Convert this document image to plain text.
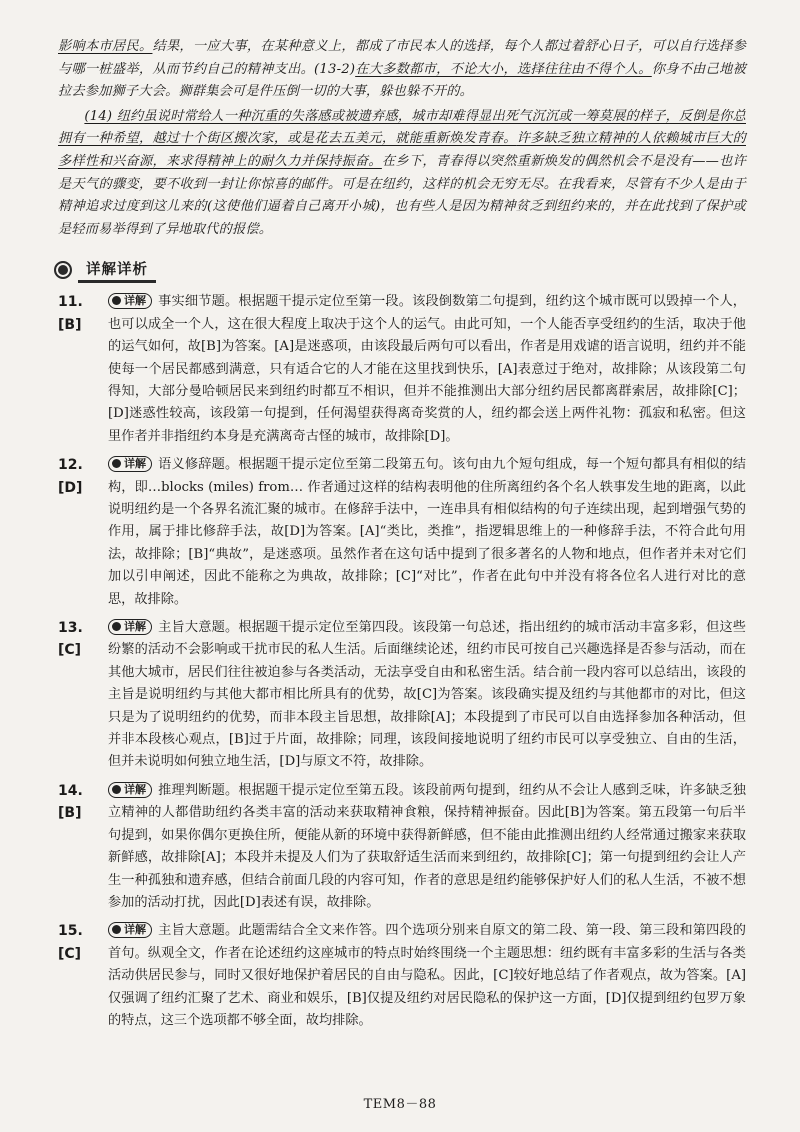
影响本市居民。结果，一应大事，在某种意义上，都成了市民本人的选择，每个人都过着舒心日子，可以自行选择参与哪一桩盛举，从而节约自己的精神支出。(13-2)在大多数都市，不论大小，选择往往由不得个人。你身不由己地被拉去参加狮子大会。狮群集会可是件压倒一切的大事，躲也躲不开的。

(14) 纽约虽说时常给人一种沉重的失落感或被遗弃感，城市却难得显出死气沉沉或一筹莫展的样子，反倒是你总拥有一种希望，越过十个街区搬次家，或是花去五美元，就能重新焕发青春。许多缺乏独立精神的人依赖城市巨大的多样性和兴奋源，来求得精神上的耐久力并保持振奋。在乡下，青春得以突然重新焕发的偶然机会不是没有——也许是天气的骤变，要不收到一封让你惊喜的邮件。可是在纽约，这样的机会无穷无尽。在我看来，尽管有不少人是由于精神追求过度到这儿来的(这使他们逼着自己离开小城)，也有些人是因为精神贫乏到纽约来的，并在此找到了保护或是轻而易举得到了异地取代的报偿。

详解详析
11. [B]
详解 事实细节题。根据题干提示定位至第一段。该段倒数第二句提到，纽约这个城市既可以毁掉一个人，也可以成全一个人，这在很大程度上取决于这个人的运气。由此可知，一个人能否享受纽约的生活，取决于他的运气如何，故[B]为答案。[A]是迷惑项，由该段最后两句可以看出，作者是用戏谑的语言说明，纽约并不能使每一个居民都感到满意，只有适合它的人才能在这里找到快乐，[A]表意过于绝对，故排除；从该段第二句得知，大部分曼哈顿居民来到纽约时都互不相识，但并不能推测出大部分纽约居民都离群索居，故排除[C]；[D]迷惑性较高，该段第一句提到，任何渴望获得离奇奖赏的人，纽约都会送上两件礼物：孤寂和私密。但这里作者并非指纽约本身是充满离奇古怪的城市，故排除[D]。
12. [D]
详解 语义修辞题。根据题干提示定位至第二段第五句。该句由九个短句组成，每一个短句都具有相似的结构，即…blocks (miles) from… 作者通过这样的结构表明他的住所离纽约各个名人轶事发生地的距离，以此说明纽约是一个各界名流汇聚的城市。在修辞手法中，一连串具有相似结构的句子连续出现，起到增强气势的作用，属于排比修辞手法，故[D]为答案。[A]“类比，类推”，指逻辑思维上的一种修辞手法，不符合此句用法，故排除；[B]“典故”，是迷惑项。虽然作者在这句话中提到了很多著名的人物和地点，但作者并未对它们加以引申阐述，因此不能称之为典故，故排除；[C]“对比”，作者在此句中并没有将各位名人进行对比的意思，故排除。
13. [C]
详解 主旨大意题。根据题干提示定位至第四段。该段第一句总述，指出纽约的城市活动丰富多彩，但这些纷繁的活动不会影响或干扰市民的私人生活。后面继续论述，纽约市民可按自己兴趣选择是否参与活动，而在其他大城市，居民们往往被迫参与各类活动，无法享受自由和私密生活。结合前一段内容可以总结出，该段的主旨是说明纽约与其他大都市相比所具有的优势，故[C]为答案。该段确实提及纽约与其他都市的对比，但这只是为了说明纽约的优势，而非本段主旨思想，故排除[A]；本段提到了市民可以自由选择参加各种活动，但并非本段核心观点，[B]过于片面，故排除；同理，该段间接地说明了纽约市民可以享受独立、自由的生活，但并未说明如何独立地生活，[D]与原文不符，故排除。
14. [B]
详解 推理判断题。根据题干提示定位至第五段。该段前两句提到，纽约从不会让人感到乏味，许多缺乏独立精神的人都借助纽约各类丰富的活动来获取精神食粮，保持精神振奋。因此[B]为答案。第五段第一句后半句提到，如果你偶尔更换住所，便能从新的环境中获得新鲜感，但不能由此推测出纽约人经常通过搬家来获取新鲜感，故排除[A]；本段并未提及人们为了获取舒适生活而来到纽约，故排除[C]；第一句提到纽约会让人产生一种孤独和遗弃感，但结合前面几段的内容可知，作者的意思是纽约能够保护好人们的私人生活，不被不想参加的活动打扰，因此[D]表述有误，故排除。
15. [C]
详解 主旨大意题。此题需结合全文来作答。四个选项分别来自原文的第二段、第一段、第三段和第四段的首句。纵观全文，作者在论述纽约这座城市的特点时始终围绕一个主题思想：纽约既有丰富多彩的生活与各类活动供居民参与，同时又很好地保护着居民的自由与隐私。因此，[C]较好地总结了作者观点，故为答案。[A]仅强调了纽约汇聚了艺术、商业和娱乐，[B]仅提及纽约对居民隐私的保护这一方面，[D]仅提到纽约包罗万象的特点，这三个选项都不够全面，故均排除。
TEM8－88
